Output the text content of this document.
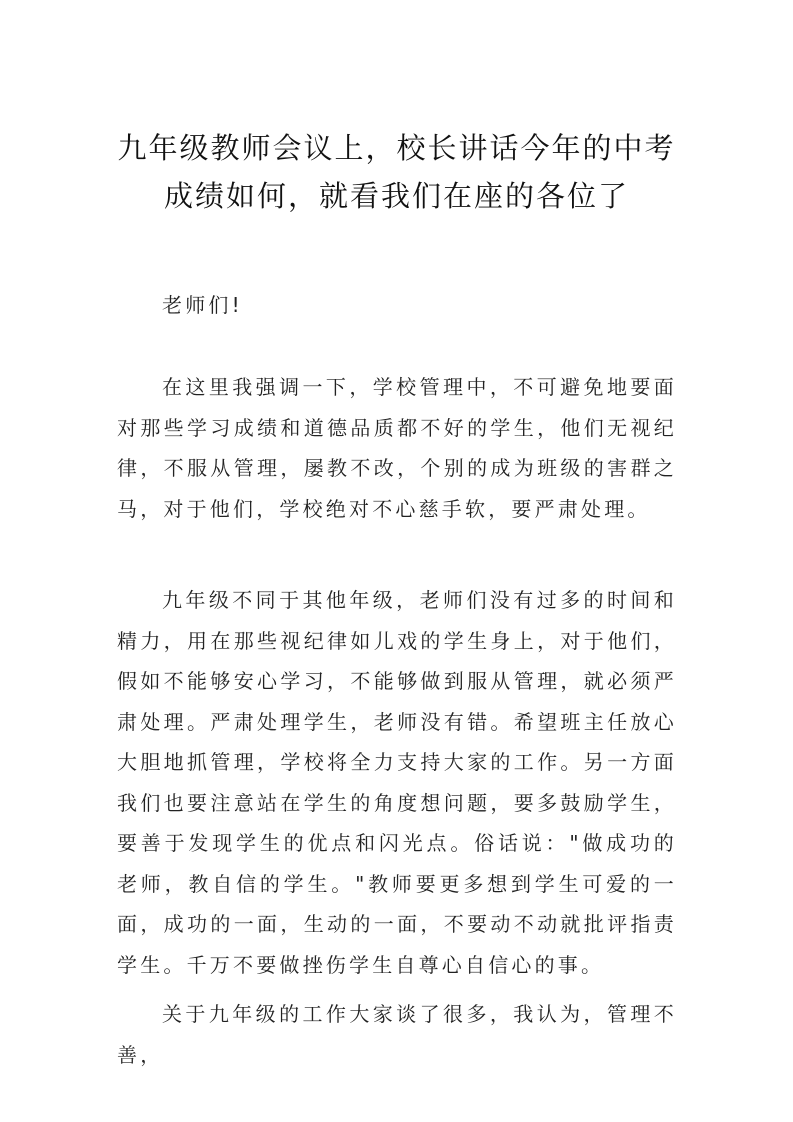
九年级教师会议上，校长讲话今年的中考成绩如何，就看我们在座的各位了

老师们!

在这里我强调一下，学校管理中，不可避免地要面对那些学习成绩和道德品质都不好的学生，他们无视纪律，不服从管理，屡教不改，个别的成为班级的害群之马，对于他们，学校绝对不心慈手软，要严肃处理。

九年级不同于其他年级，老师们没有过多的时间和精力，用在那些视纪律如儿戏的学生身上，对于他们，假如不能够安心学习，不能够做到服从管理，就必须严肃处理。严肃处理学生，老师没有错。希望班主任放心大胆地抓管理，学校将全力支持大家的工作。另一方面我们也要注意站在学生的角度想问题，要多鼓励学生，要善于发现学生的优点和闪光点。俗话说："做成功的老师，教自信的学生。"教师要更多想到学生可爱的一面，成功的一面，生动的一面，不要动不动就批评指责学生。千万不要做挫伤学生自尊心自信心的事。

关于九年级的工作大家谈了很多，我认为，管理不善，
